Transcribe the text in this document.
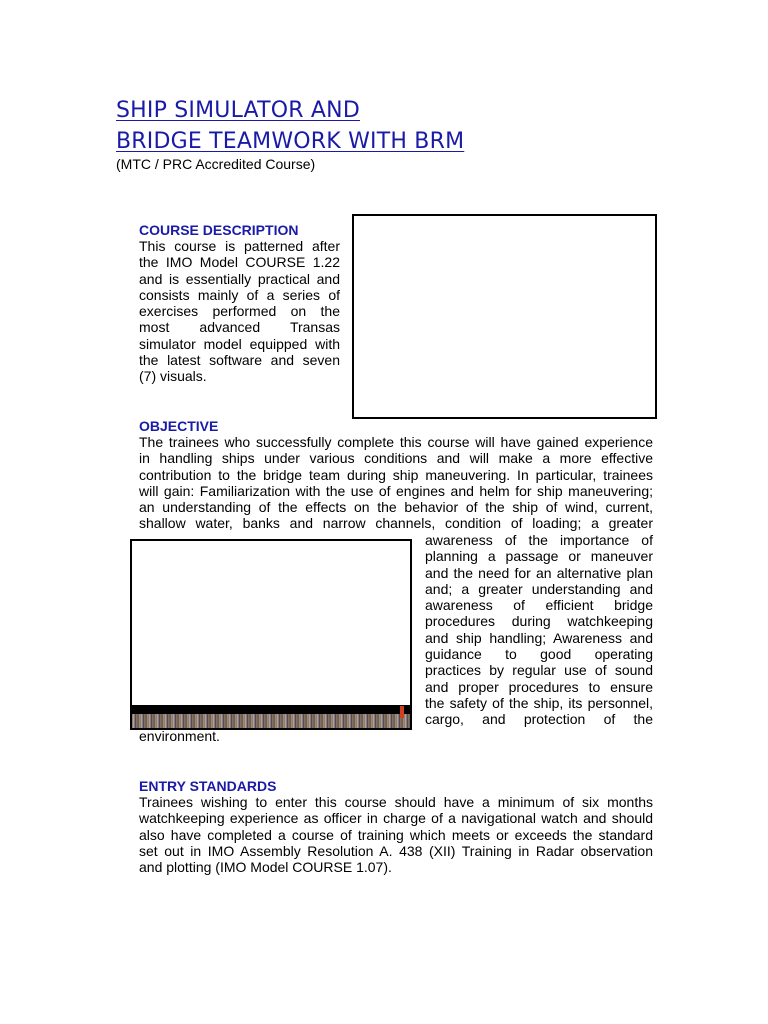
SHIP SIMULATOR AND
BRIDGE TEAMWORK WITH BRM
(MTC / PRC Accredited Course)
COURSE DESCRIPTION
This course is patterned after
the IMO Model COURSE 1.22
and is essentially practical and
consists mainly of a series of
exercises performed on the
most advanced Transas
simulator model equipped with
the latest software and seven
(7) visuals.
OBJECTIVE
The trainees who successfully complete this course will have gained experience
in handling ships under various conditions and will make a more effective
contribution to the bridge team during ship maneuvering. In particular, trainees
will gain: Familiarization with the use of engines and helm for ship maneuvering;
an understanding of the effects on the behavior of the ship of wind, current,
shallow water, banks and narrow channels, condition of loading; a greater
awareness of the importance of
planning a passage or maneuver
and the need for an alternative plan
and; a greater understanding and
awareness of efficient bridge
procedures during watchkeeping
and ship handling; Awareness and
guidance to good operating
practices by regular use of sound
and proper procedures to ensure
the safety of the ship, its personnel,
cargo, and protection of the
environment.
ENTRY STANDARDS
Trainees wishing to enter this course should have a minimum of six months
watchkeeping experience as officer in charge of a navigational watch and should
also have completed a course of training which meets or exceeds the standard
set out in IMO Assembly Resolution A. 438 (XII) Training in Radar observation
and plotting (IMO Model COURSE 1.07).
